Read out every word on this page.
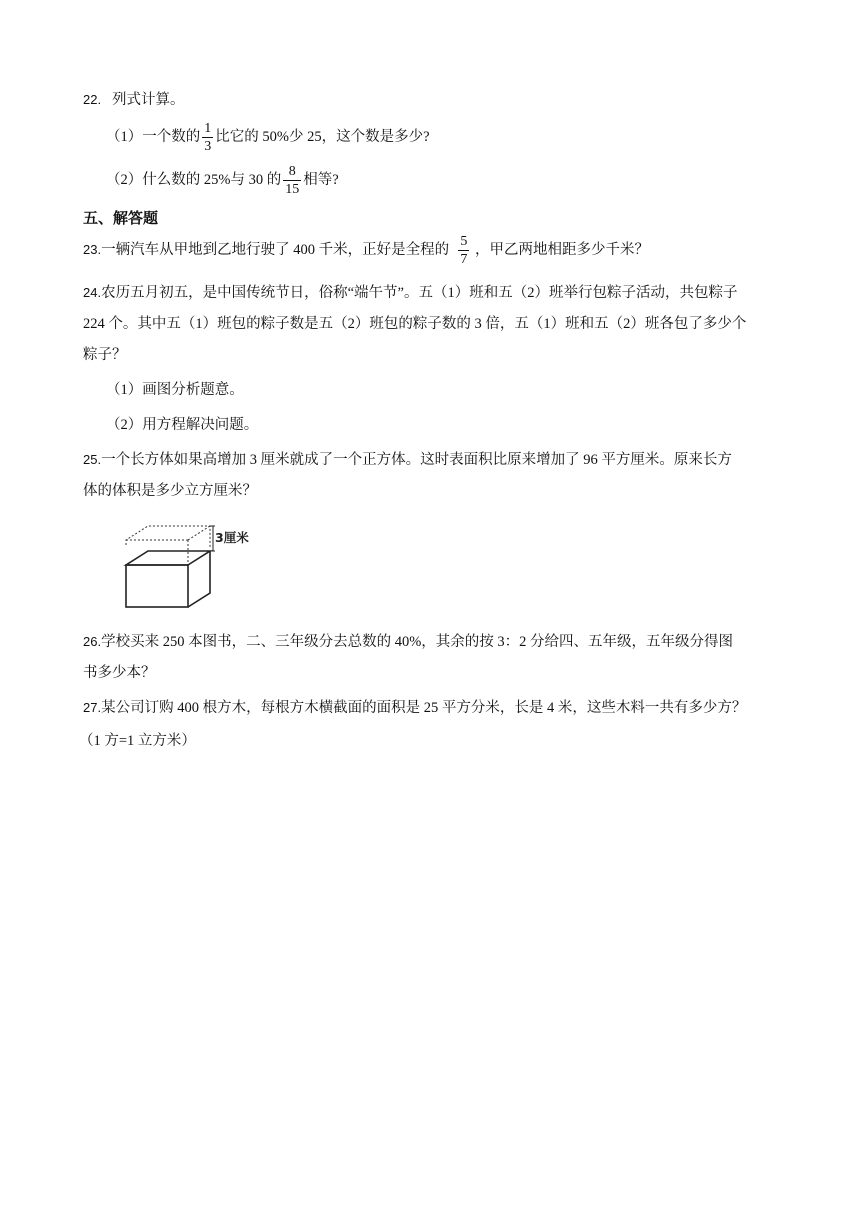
22. 列式计算。
（1）一个数的 $\frac{1}{3}$ 比它的 50%少 25，这个数是多少?
（2）什么数的 25%与 30 的 $\frac{8}{15}$ 相等?
五、解答题
23.一辆汽车从甲地到乙地行驶了 400 千米，正好是全程的 $\frac{5}{7}$ ，甲乙两地相距多少千米？
24.农历五月初五，是中国传统节日，俗称“端午节”。五（1）班和五（2）班举行包粽子活动，共包粽子
224 个。其中五（1）班包的粽子数是五（2）班包的粽子数的 3 倍，五（1）班和五（2）班各包了多少个
粽子？
（1）画图分析题意。
（2）用方程解决问题。
25.一个长方体如果高增加 3 厘米就成了一个正方体。这时表面积比原来增加了 96 平方厘米。原来长方
体的体积是多少立方厘米？
3厘米
26.学校买来 250 本图书，二、三年级分去总数的 40%，其余的按 3：2 分给四、五年级，五年级分得图
书多少本？
27.某公司订购 400 根方木，每根方木横截面的面积是 25 平方分米，长是 4 米，这些木料一共有多少方？
（1 方=1 立方米）
